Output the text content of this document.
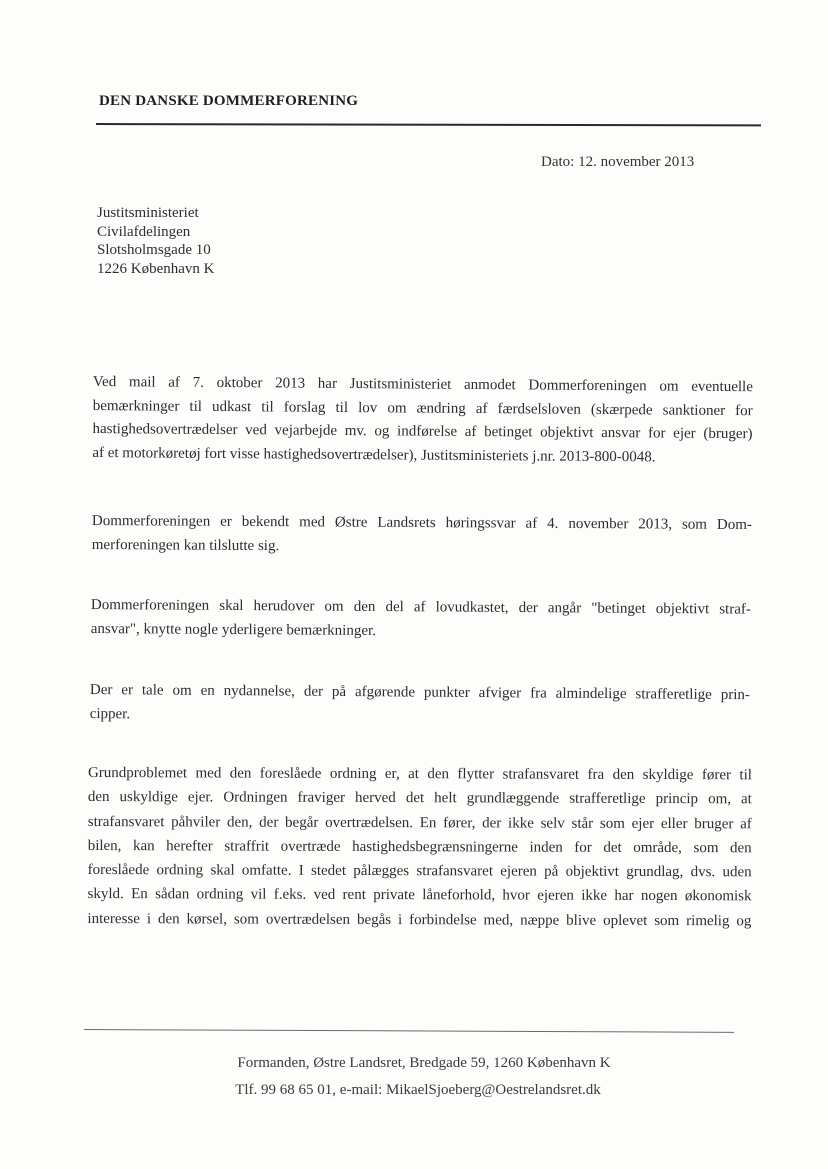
DEN DANSKE DOMMERFORENING
Dato: 12. november 2013
Justitsministeriet
Civilafdelingen
Slotsholmsgade 10
1226 København K
Ved mail af 7. oktober 2013 har Justitsministeriet anmodet Dommerforeningen om eventuelle
bemærkninger til udkast til forslag til lov om ændring af færdselsloven (skærpede sanktioner for
hastighedsovertrædelser ved vejarbejde mv. og indførelse af betinget objektivt ansvar for ejer (bruger)
af et motorkøretøj fort visse hastighedsovertrædelser), Justitsministeriets j.nr. 2013-800-0048.
Dommerforeningen er bekendt med Østre Landsrets høringssvar af 4. november 2013, som Dom-
merforeningen kan tilslutte sig.
Dommerforeningen skal herudover om den del af lovudkastet, der angår "betinget objektivt straf-
ansvar", knytte nogle yderligere bemærkninger.
Der er tale om en nydannelse, der på afgørende punkter afviger fra almindelige strafferetlige prin-
cipper.
Grundproblemet med den foreslåede ordning er, at den flytter strafansvaret fra den skyldige fører til
den uskyldige ejer. Ordningen fraviger herved det helt grundlæggende strafferetlige princip om, at
strafansvaret påhviler den, der begår overtrædelsen. En fører, der ikke selv står som ejer eller bruger af
bilen, kan herefter straffrit overtræde hastighedsbegrænsningerne inden for det område, som den
foreslåede ordning skal omfatte. I stedet pålægges strafansvaret ejeren på objektivt grundlag, dvs. uden
skyld. En sådan ordning vil f.eks. ved rent private låneforhold, hvor ejeren ikke har nogen økonomisk
interesse i den kørsel, som overtrædelsen begås i forbindelse med, næppe blive oplevet som rimelig og
Formanden, Østre Landsret, Bredgade 59, 1260 København K
Tlf. 99 68 65 01, e-mail: MikaelSjoeberg@Oestrelandsret.dk
